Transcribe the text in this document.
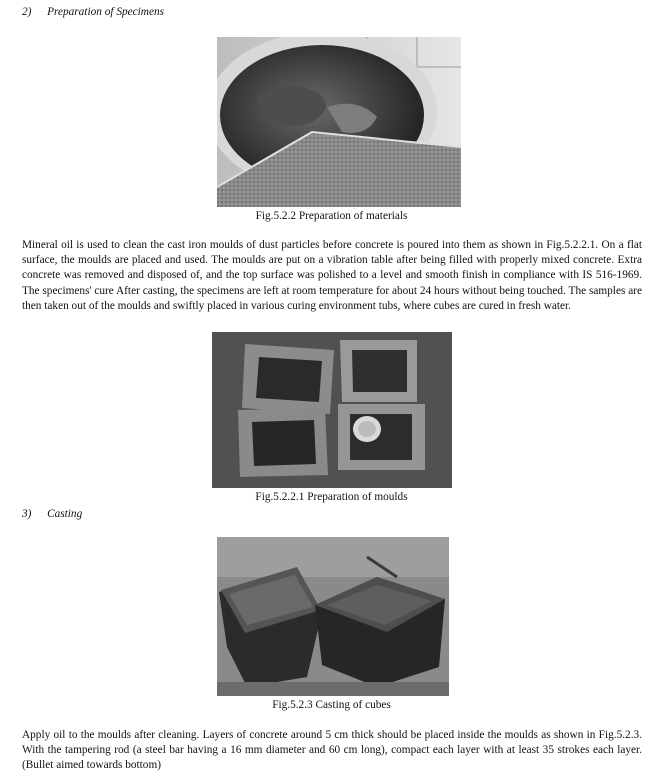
2) Preparation of Specimens
Fig.5.2.2 Preparation of materials

Mineral oil is used to clean the cast iron moulds of dust particles before concrete is poured into them as shown in Fig.5.2.2.1. On a flat surface, the moulds are placed and used. The moulds are put on a vibration table after being filled with properly mixed concrete. Extra concrete was removed and disposed of, and the top surface was polished to a level and smooth finish in compliance with IS 516-1969. The specimens' cure After casting, the specimens are left at room temperature for about 24 hours without being touched. The samples are then taken out of the moulds and swiftly placed in various curing environment tubs, where cubes are cured in fresh water.

Fig.5.2.2.1 Preparation of moulds
3) Casting
Fig.5.2.3 Casting of cubes

Apply oil to the moulds after cleaning. Layers of concrete around 5 cm thick should be placed inside the moulds as shown in Fig.5.2.3. With the tampering rod (a steel bar having a 16 mm diameter and 60 cm long), compact each layer with at least 35 strokes each layer. (Bullet aimed towards bottom)
